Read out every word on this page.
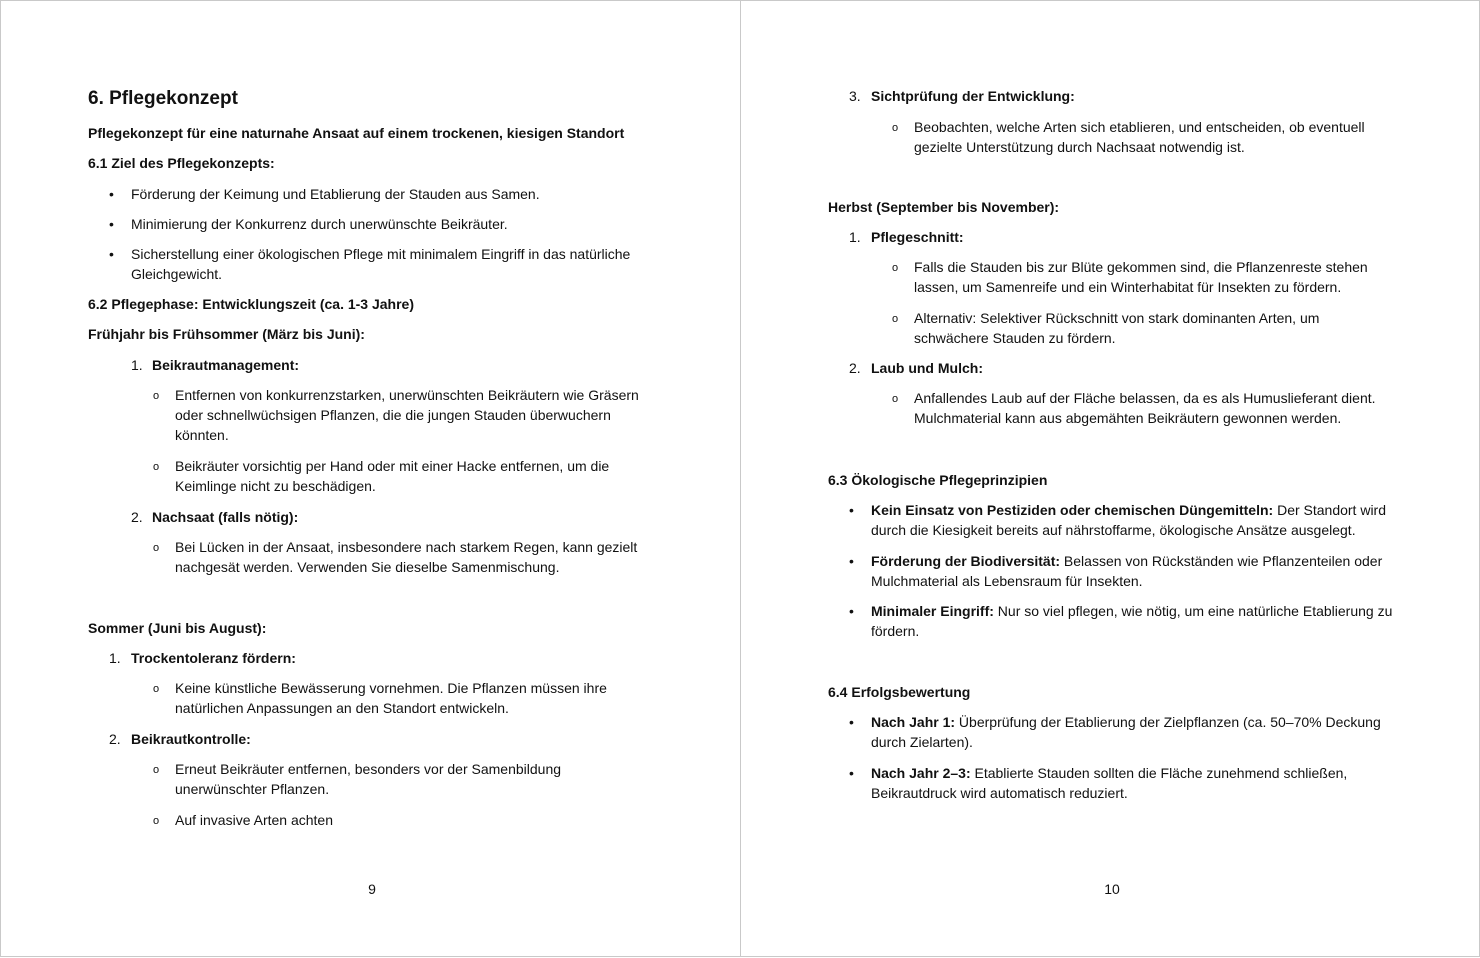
6. Pflegekonzept
Pflegekonzept für eine naturnahe Ansaat auf einem trockenen, kiesigen Standort
6.1 Ziel des Pflegekonzepts:
• Förderung der Keimung und Etablierung der Stauden aus Samen.
• Minimierung der Konkurrenz durch unerwünschte Beikräuter.
• Sicherstellung einer ökologischen Pflege mit minimalem Eingriff in das natürliche
Gleichgewicht.
6.2 Pflegephase: Entwicklungszeit (ca. 1-3 Jahre)
Frühjahr bis Frühsommer (März bis Juni):
1. Beikrautmanagement:
o Entfernen von konkurrenzstarken, unerwünschten Beikräutern wie Gräsern
oder schnellwüchsigen Pflanzen, die die jungen Stauden überwuchern
könnten.
o Beikräuter vorsichtig per Hand oder mit einer Hacke entfernen, um die
Keimlinge nicht zu beschädigen.
2. Nachsaat (falls nötig):
o Bei Lücken in der Ansaat, insbesondere nach starkem Regen, kann gezielt
nachgesät werden. Verwenden Sie dieselbe Samenmischung.
Sommer (Juni bis August):
1. Trockentoleranz fördern:
o Keine künstliche Bewässerung vornehmen. Die Pflanzen müssen ihre
natürlichen Anpassungen an den Standort entwickeln.
2. Beikrautkontrolle:
o Erneut Beikräuter entfernen, besonders vor der Samenbildung
unerwünschter Pflanzen.
o Auf invasive Arten achten
9
3. Sichtprüfung der Entwicklung:
o Beobachten, welche Arten sich etablieren, und entscheiden, ob eventuell
gezielte Unterstützung durch Nachsaat notwendig ist.
Herbst (September bis November):
1. Pflegeschnitt:
o Falls die Stauden bis zur Blüte gekommen sind, die Pflanzenreste stehen
lassen, um Samenreife und ein Winterhabitat für Insekten zu fördern.
o Alternativ: Selektiver Rückschnitt von stark dominanten Arten, um
schwächere Stauden zu fördern.
2. Laub und Mulch:
o Anfallendes Laub auf der Fläche belassen, da es als Humuslieferant dient.
Mulchmaterial kann aus abgemähten Beikräutern gewonnen werden.
6.3 Ökologische Pflegeprinzipien
• Kein Einsatz von Pestiziden oder chemischen Düngemitteln: Der Standort wird
durch die Kiesigkeit bereits auf nährstoffarme, ökologische Ansätze ausgelegt.
• Förderung der Biodiversität: Belassen von Rückständen wie Pflanzenteilen oder
Mulchmaterial als Lebensraum für Insekten.
• Minimaler Eingriff: Nur so viel pflegen, wie nötig, um eine natürliche Etablierung zu
fördern.
6.4 Erfolgsbewertung
• Nach Jahr 1: Überprüfung der Etablierung der Zielpflanzen (ca. 50–70% Deckung
durch Zielarten).
• Nach Jahr 2–3: Etablierte Stauden sollten die Fläche zunehmend schließen,
Beikrautdruck wird automatisch reduziert.
10
